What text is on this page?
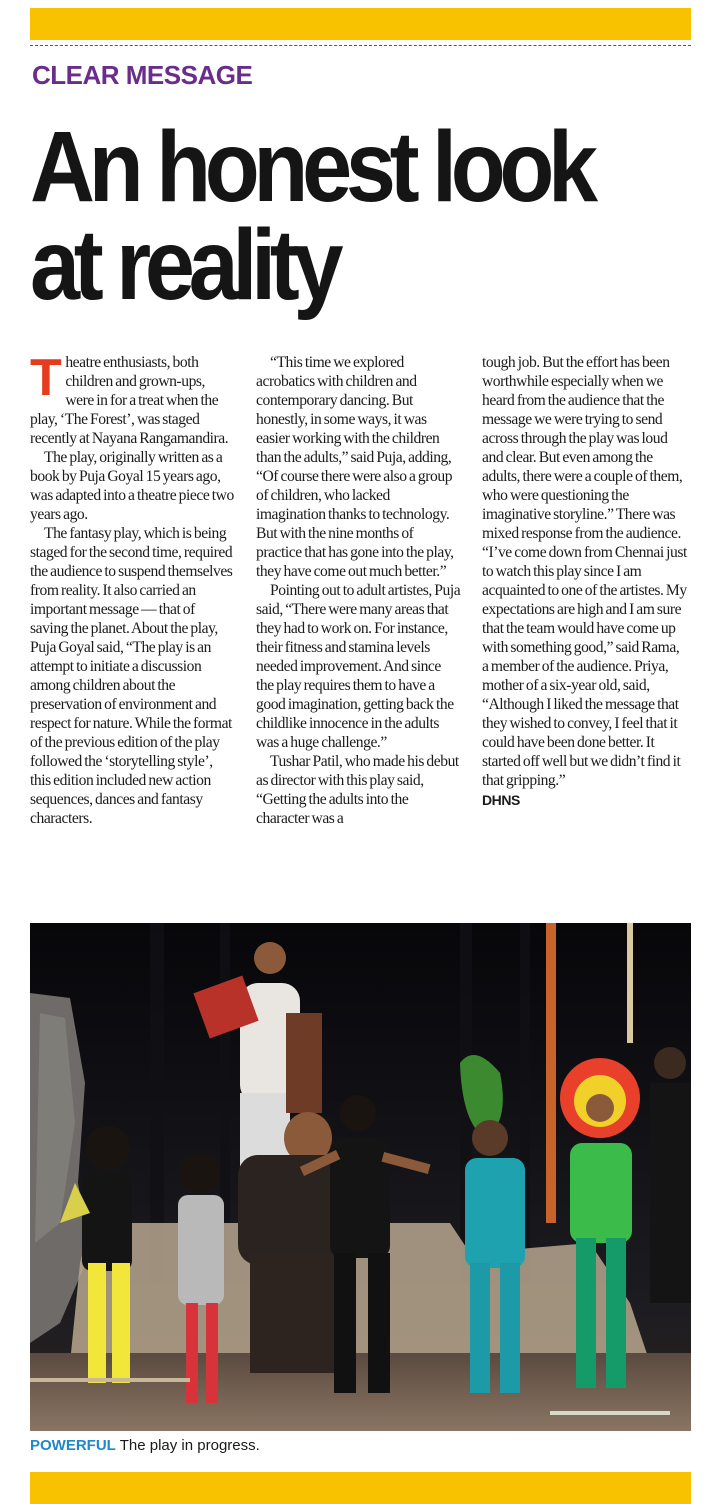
CLEAR MESSAGE
An honest look
at reality

Theatre enthusiasts, both children and grown-ups, were in for a treat when the play, ‘The Forest’, was staged recently at Nayana Rangamandira.

The play, originally written as a book by Puja Goyal 15 years ago, was adapted into a theatre piece two years ago.

The fantasy play, which is being staged for the second time, required the audience to suspend themselves from reality. It also carried an important message — that of saving the planet. About the play, Puja Goyal said, “The play is an attempt to initiate a discussion among children about the preservation of environment and respect for nature. While the format of the previous edition of the play followed the ‘storytelling style’, this edition included new action sequences, dances and fantasy characters.

“This time we explored acrobatics with children and contemporary dancing. But honestly, in some ways, it was easier working with the children than the adults,” said Puja, adding, “Of course there were also a group of children, who lacked imagination thanks to technology. But with the nine months of practice that has gone into the play, they have come out much better.”

Pointing out to adult artistes, Puja said, “There were many areas that they had to work on. For instance, their fitness and stamina levels needed improvement. And since the play requires them to have a good imagination, getting back the childlike innocence in the adults was a huge challenge.”

Tushar Patil, who made his debut as director with this play said, “Getting the adults into the character was a

tough job. But the effort has been worthwhile especially when we heard from the audience that the message we were trying to send across through the play was loud and clear. But even among the adults, there were a couple of them, who were questioning the imaginative storyline.” There was mixed response from the audience. “I’ve come down from Chennai just to watch this play since I am acquainted to one of the artistes. My expectations are high and I am sure that the team would have come up with something good,” said Rama, a member of the audience. Priya, mother of a six-year old, said, “Although I liked the message that they wished to convey, I feel that it could have been done better. It started off well but we didn’t find it that gripping.”

DHNS
POWERFUL The play in progress.
